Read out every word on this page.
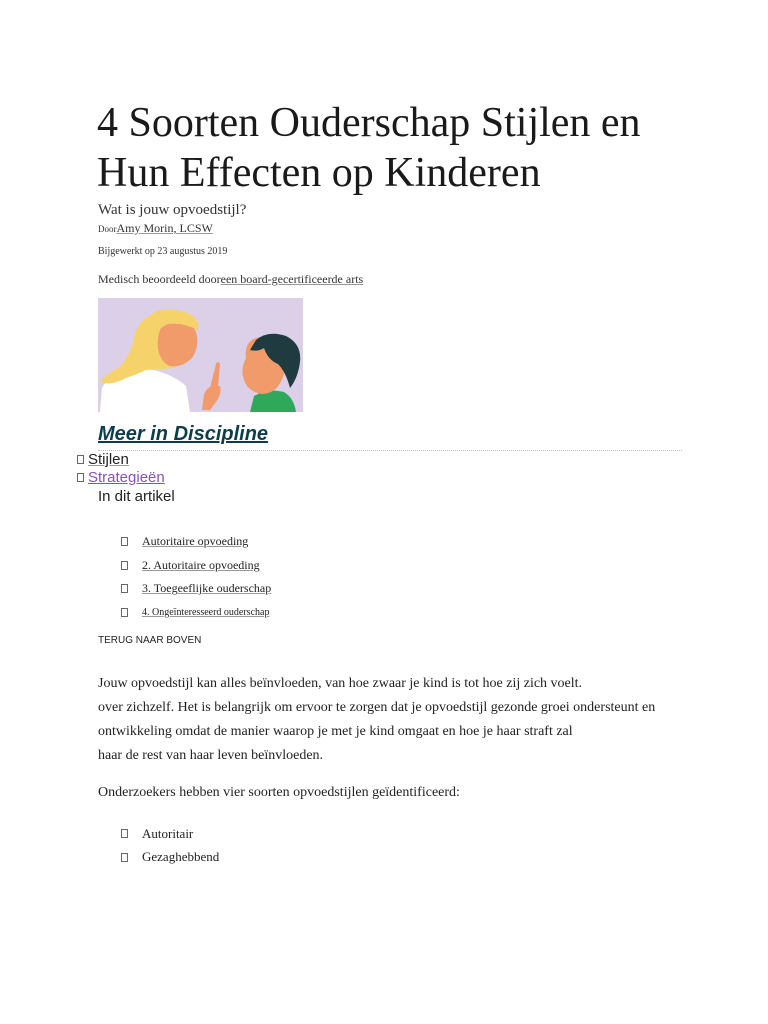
4 Soorten Ouderschap Stijlen en Hun Effecten op Kinderen
Wat is jouw opvoedstijl?
DoorAmy Morin, LCSW
Bijgewerkt op 23 augustus 2019
Medisch beoordeeld dooreen board-gecertificeerde arts
Meer in Discipline
Stijlen
Strategieën
In dit artikel
Autoritaire opvoeding
2. Autoritaire opvoeding
3. Toegeeflijke ouderschap
4. Ongeïnteresseerd ouderschap
TERUG NAAR BOVEN
Jouw opvoedstijl kan alles beïnvloeden, van hoe zwaar je kind is tot hoe zij zich voelt.
over zichzelf. Het is belangrijk om ervoor te zorgen dat je opvoedstijl gezonde groei ondersteunt en
ontwikkeling omdat de manier waarop je met je kind omgaat en hoe je haar straft zal
haar de rest van haar leven beïnvloeden.
Onderzoekers hebben vier soorten opvoedstijlen geïdentificeerd:
Autoritair
Gezaghebbend
